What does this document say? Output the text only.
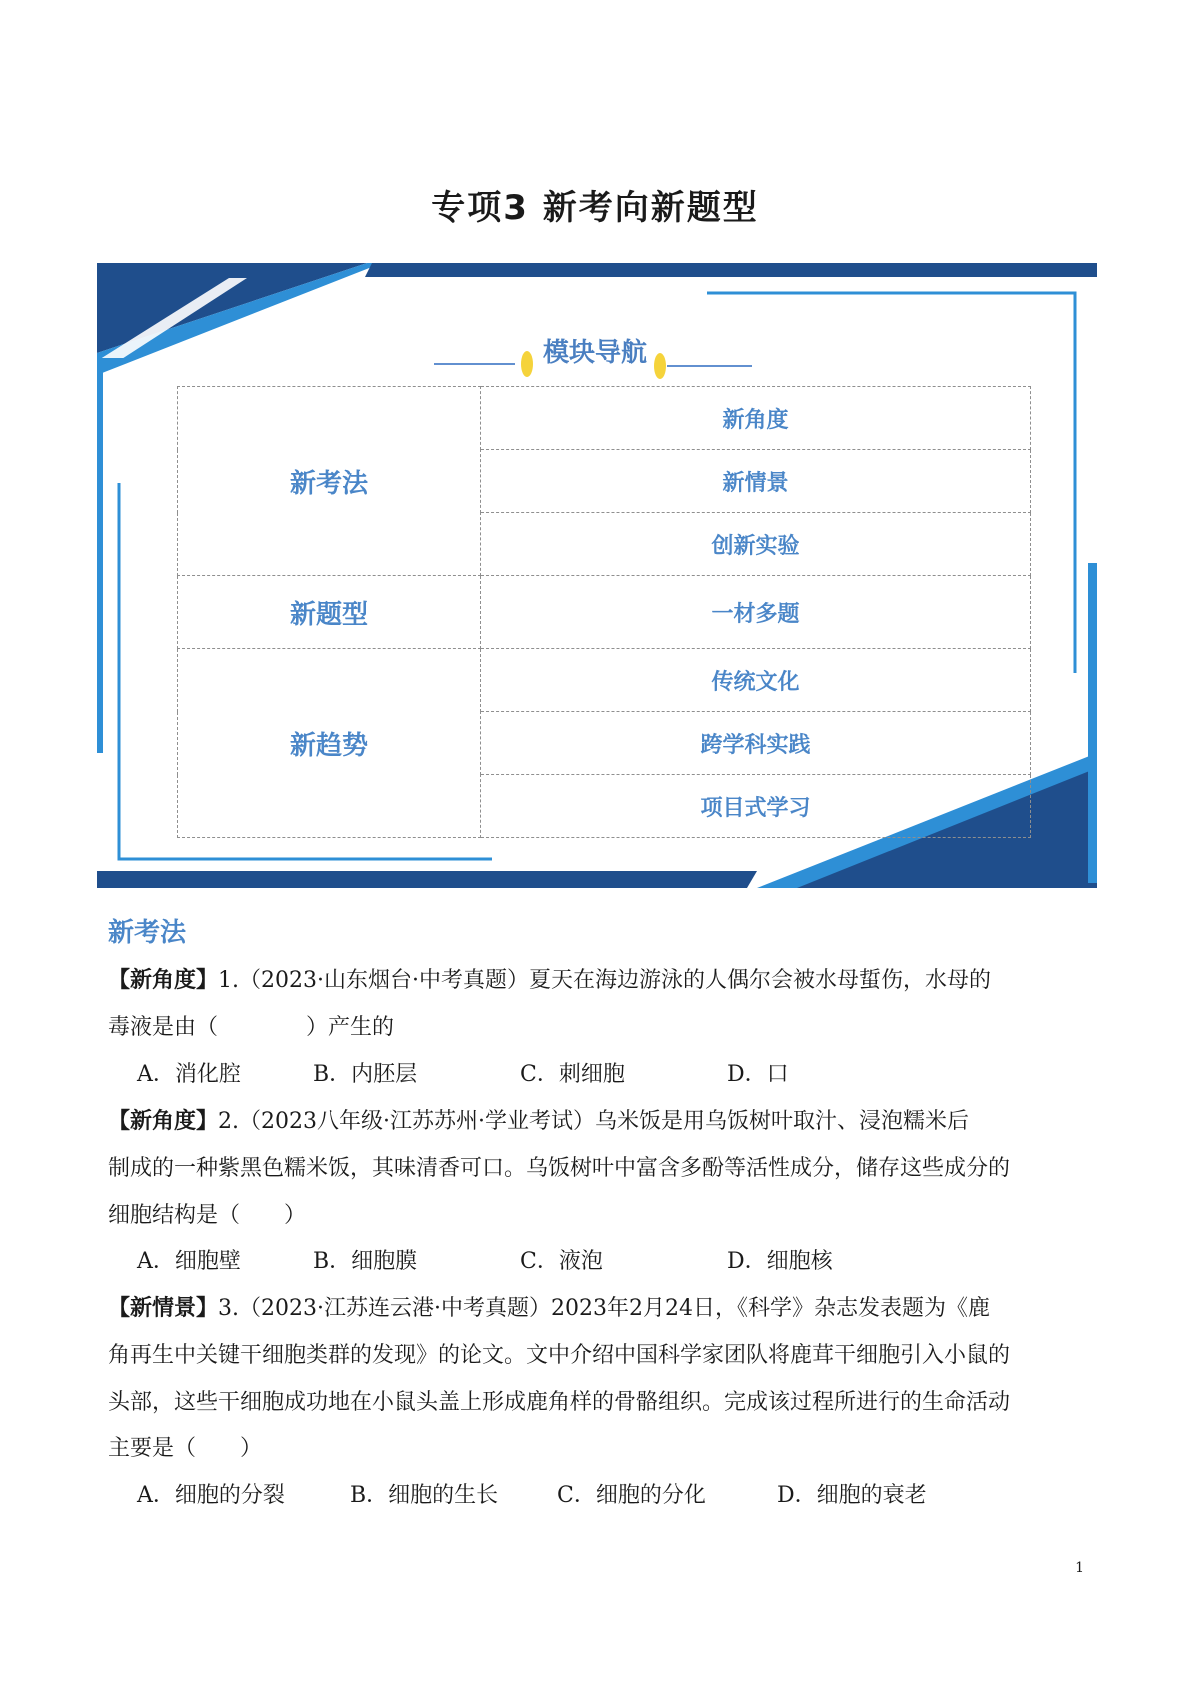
专项3 新考向新题型
模块导航
新考法	新角度
	新情景
	创新实验
新题型	一材多题
新趋势	传统文化
	跨学科实践
	项目式学习
新考法
【新角度】1.（2023·山东烟台·中考真题）夏天在海边游泳的人偶尔会被水母蜇伤，水母的
毒液是由（　　　　）产生的
A．消化腔	B．内胚层	C．刺细胞	D．口
【新角度】2.（2023八年级·江苏苏州·学业考试）乌米饭是用乌饭树叶取汁、浸泡糯米后
制成的一种紫黑色糯米饭，其味清香可口。乌饭树叶中富含多酚等活性成分，储存这些成分的
细胞结构是（　　）
A．细胞壁	B．细胞膜	C．液泡	D．细胞核
【新情景】3.（2023·江苏连云港·中考真题）2023年2月24日，《科学》杂志发表题为《鹿
角再生中关键干细胞类群的发现》的论文。文中介绍中国科学家团队将鹿茸干细胞引入小鼠的
头部，这些干细胞成功地在小鼠头盖上形成鹿角样的骨骼组织。完成该过程所进行的生命活动
主要是（　　）
A．细胞的分裂	B．细胞的生长	C．细胞的分化	D．细胞的衰老
1
